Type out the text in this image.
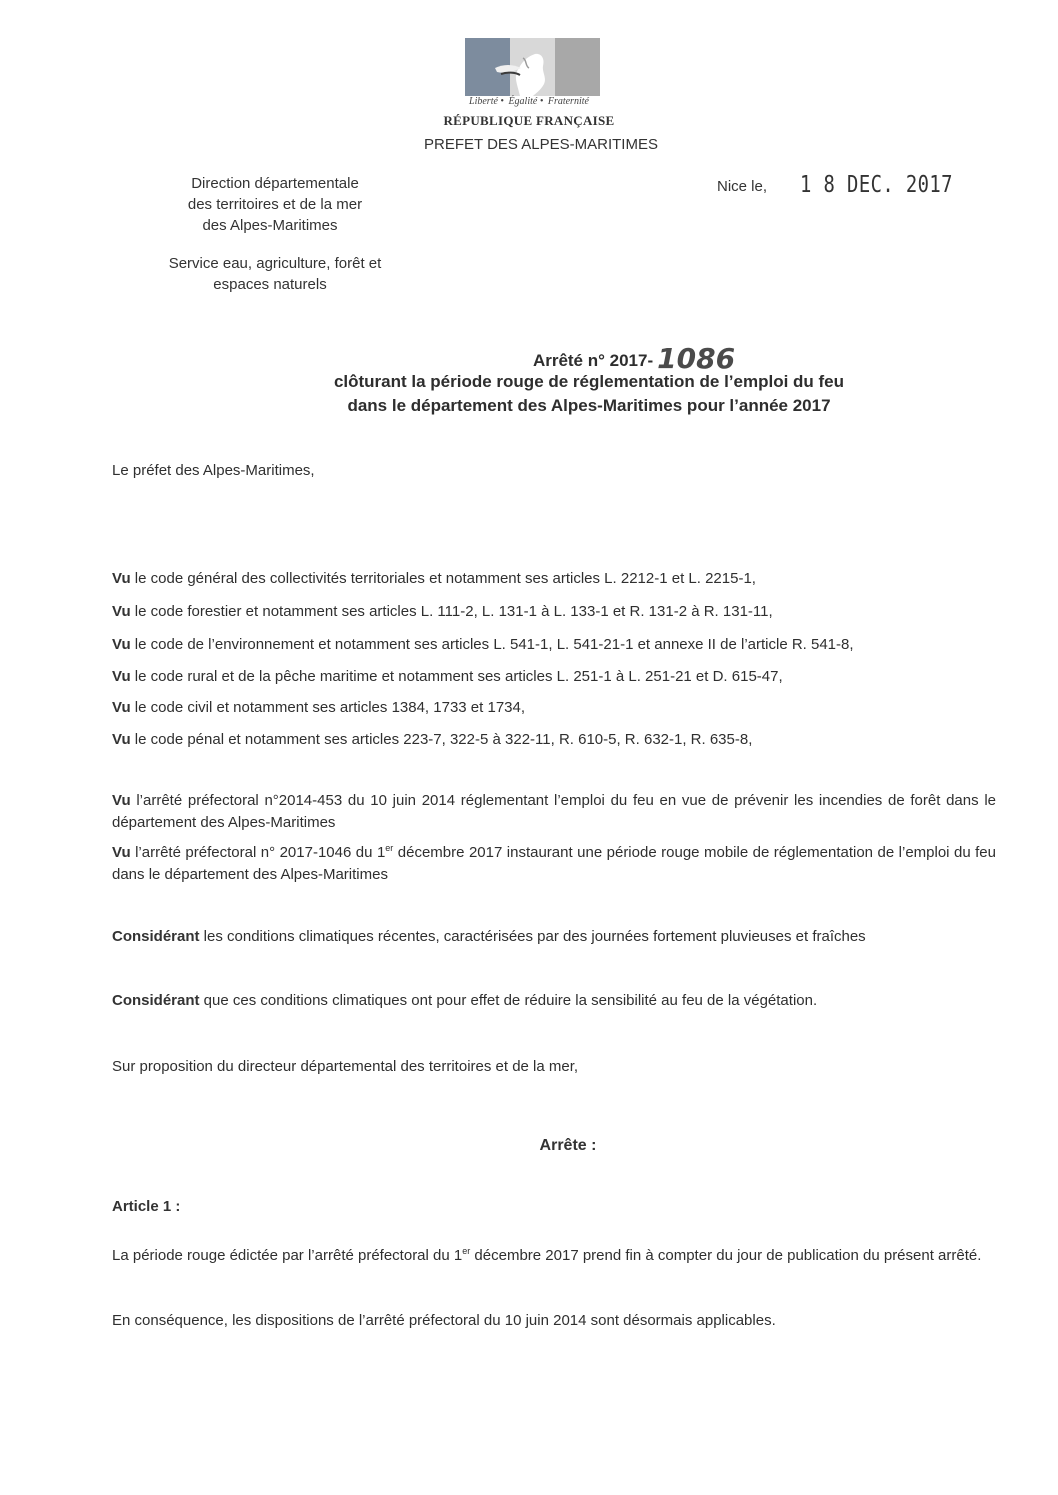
Liberté • Égalité • Fraternité
RÉPUBLIQUE FRANÇAISE
PREFET DES ALPES-MARITIMES
Direction départementale
des territoires et de la mer
des Alpes-Maritimes
Service eau, agriculture, forêt et
espaces naturels
Nice le, 1 8 DEC. 2017
Arrêté n° 2017- 1086
clôturant la période rouge de réglementation de l’emploi du feu
dans le département des Alpes-Maritimes pour l’année 2017
Le préfet des Alpes-Maritimes,
Vu le code général des collectivités territoriales et notamment ses articles L. 2212-1 et L. 2215-1,
Vu le code forestier et notamment ses articles L. 111-2, L. 131-1 à L. 133-1 et R. 131-2 à R. 131-11,
Vu le code de l’environnement et notamment ses articles L. 541-1, L. 541-21-1 et annexe II de l’article R. 541-8,
Vu le code rural et de la pêche maritime et notamment ses articles L. 251-1 à L. 251-21 et D. 615-47,
Vu le code civil et notamment ses articles 1384, 1733 et 1734,
Vu le code pénal et notamment ses articles 223-7, 322-5 à 322-11, R. 610-5, R. 632-1, R. 635-8,
Vu l’arrêté préfectoral n°2014-453 du 10 juin 2014 réglementant l’emploi du feu en vue de prévenir les incendies de forêt dans le département des Alpes-Maritimes
Vu l’arrêté préfectoral n° 2017-1046 du 1er décembre 2017 instaurant une période rouge mobile de réglementation de l’emploi du feu dans le département des Alpes-Maritimes
Considérant les conditions climatiques récentes, caractérisées par des journées fortement pluvieuses et fraîches
Considérant que ces conditions climatiques ont pour effet de réduire la sensibilité au feu de la végétation.
Sur proposition du directeur départemental des territoires et de la mer,
Arrête :
Article 1 :
La période rouge édictée par l’arrêté préfectoral du 1er décembre 2017 prend fin à compter du jour de publication du présent arrêté.
En conséquence, les dispositions de l’arrêté préfectoral du 10 juin 2014 sont désormais applicables.
